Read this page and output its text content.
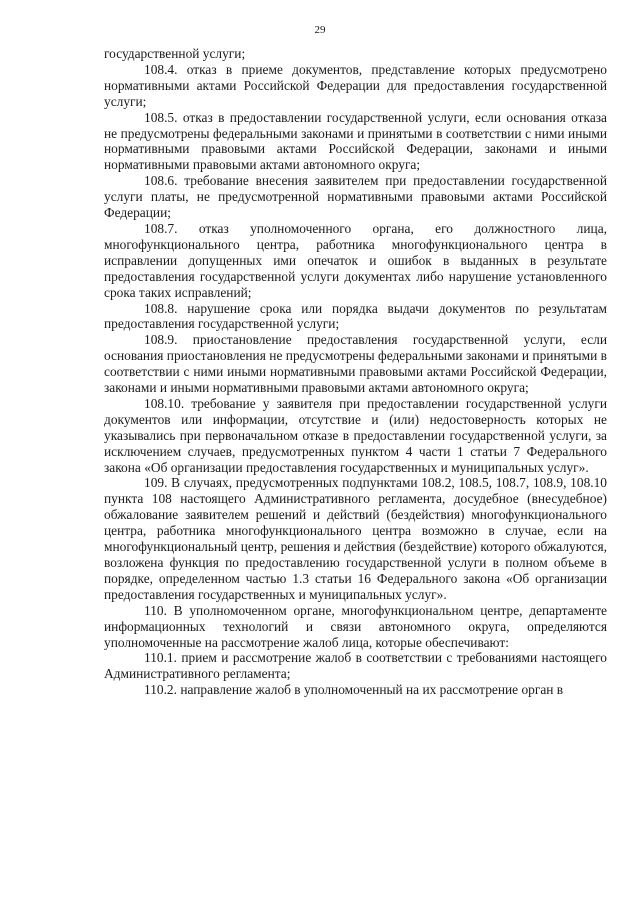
29

государственной услуги;

108.4. отказ в приеме документов, представление которых предусмотрено нормативными актами Российской Федерации для предоставления государственной услуги;

108.5. отказ в предоставлении государственной услуги, если основания отказа не предусмотрены федеральными законами и принятыми в соответствии с ними иными нормативными правовыми актами Российской Федерации, законами и иными нормативными правовыми актами автономного округа;

108.6. требование внесения заявителем при предоставлении государственной услуги платы, не предусмотренной нормативными правовыми актами Российской Федерации;

108.7. отказ уполномоченного органа, его должностного лица, многофункционального центра, работника многофункционального центра в исправлении допущенных ими опечаток и ошибок в выданных в результате предоставления государственной услуги документах либо нарушение установленного срока таких исправлений;

108.8. нарушение срока или порядка выдачи документов по результатам предоставления государственной услуги;

108.9. приостановление предоставления государственной услуги, если основания приостановления не предусмотрены федеральными законами и принятыми в соответствии с ними иными нормативными правовыми актами Российской Федерации, законами и иными нормативными правовыми актами автономного округа;

108.10. требование у заявителя при предоставлении государственной услуги документов или информации, отсутствие и (или) недостоверность которых не указывались при первоначальном отказе в предоставлении государственной услуги, за исключением случаев, предусмотренных пунктом 4 части 1 статьи 7 Федерального закона «Об организации предоставления государственных и муниципальных услуг».

109. В случаях, предусмотренных подпунктами 108.2, 108.5, 108.7, 108.9, 108.10 пункта 108 настоящего Административного регламента, досудебное (внесудебное) обжалование заявителем решений и действий (бездействия) многофункционального центра, работника многофункционального центра возможно в случае, если на многофункциональный центр, решения и действия (бездействие) которого обжалуются, возложена функция по предоставлению государственной услуги в полном объеме в порядке, определенном частью 1.3 статьи 16 Федерального закона «Об организации предоставления государственных и муниципальных услуг».

110. В уполномоченном органе, многофункциональном центре, департаменте информационных технологий и связи автономного округа, определяются уполномоченные на рассмотрение жалоб лица, которые обеспечивают:

110.1. прием и рассмотрение жалоб в соответствии с требованиями настоящего Административного регламента;

110.2. направление жалоб в уполномоченный на их рассмотрение орган в
